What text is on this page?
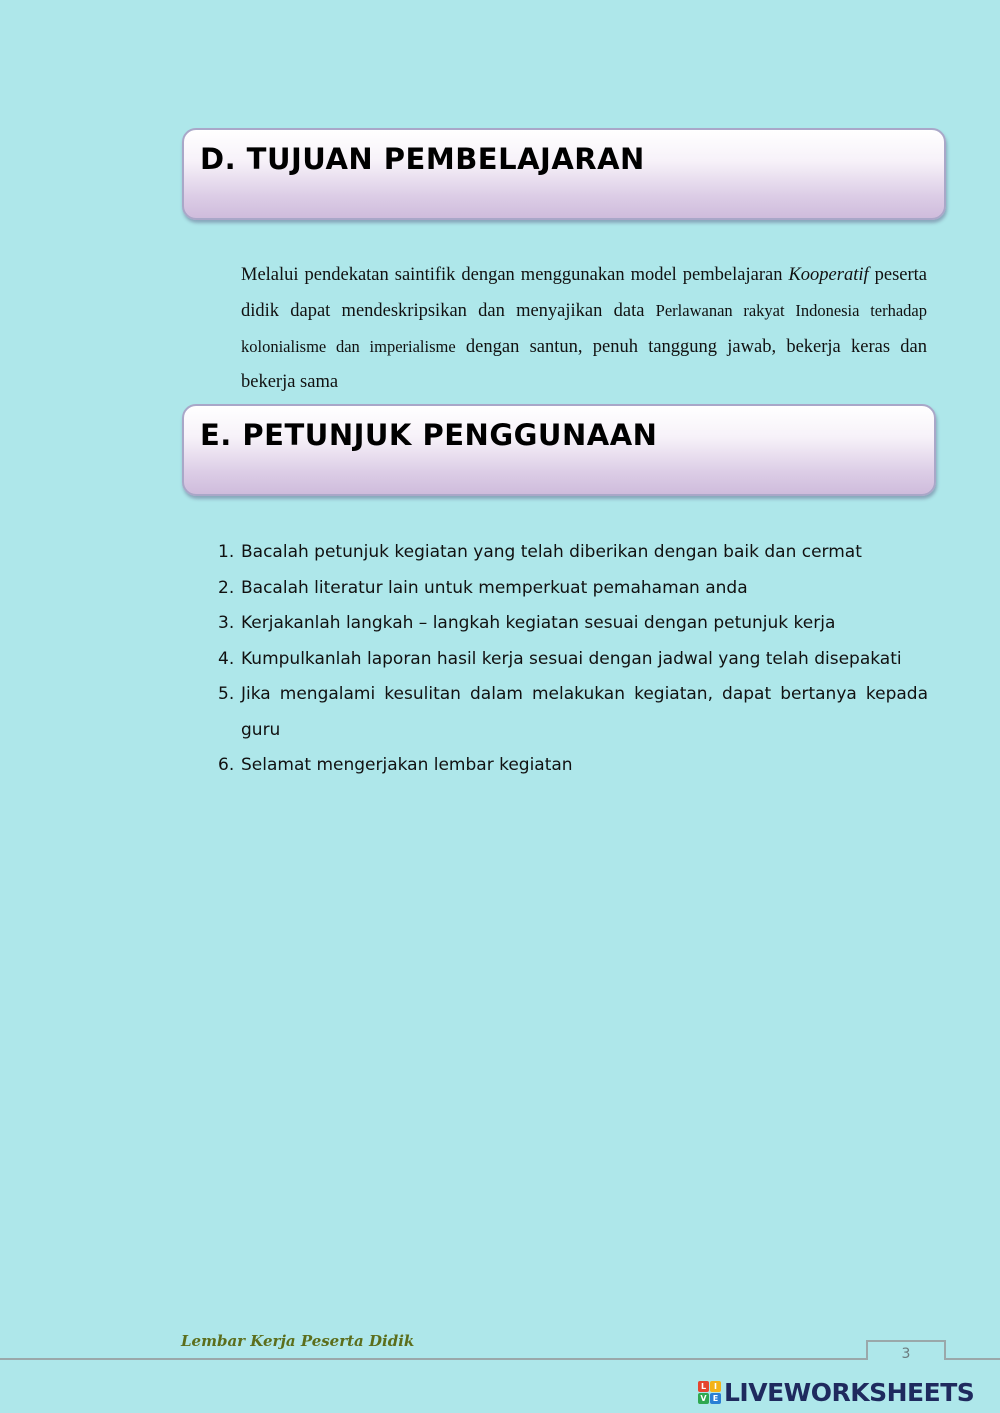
D. TUJUAN PEMBELAJARAN
Melalui pendekatan saintifik dengan menggunakan model pembelajaran Kooperatif peserta didik dapat mendeskripsikan dan menyajikan data Perlawanan rakyat Indonesia terhadap kolonialisme dan imperialisme dengan santun, penuh tanggung jawab, bekerja keras dan bekerja sama
E. PETUNJUK PENGGUNAAN
1. Bacalah petunjuk kegiatan yang telah diberikan dengan baik dan cermat
2. Bacalah literatur lain untuk memperkuat pemahaman anda
3. Kerjakanlah langkah – langkah kegiatan sesuai dengan petunjuk kerja
4. Kumpulkanlah laporan hasil kerja sesuai dengan jadwal yang telah disepakati
5. Jika mengalami kesulitan dalam melakukan kegiatan, dapat bertanya kepada guru
6. Selamat mengerjakan lembar kegiatan
Lembar Kerja Peserta Didik
3
L I
V E LIVEWORKSHEETS
